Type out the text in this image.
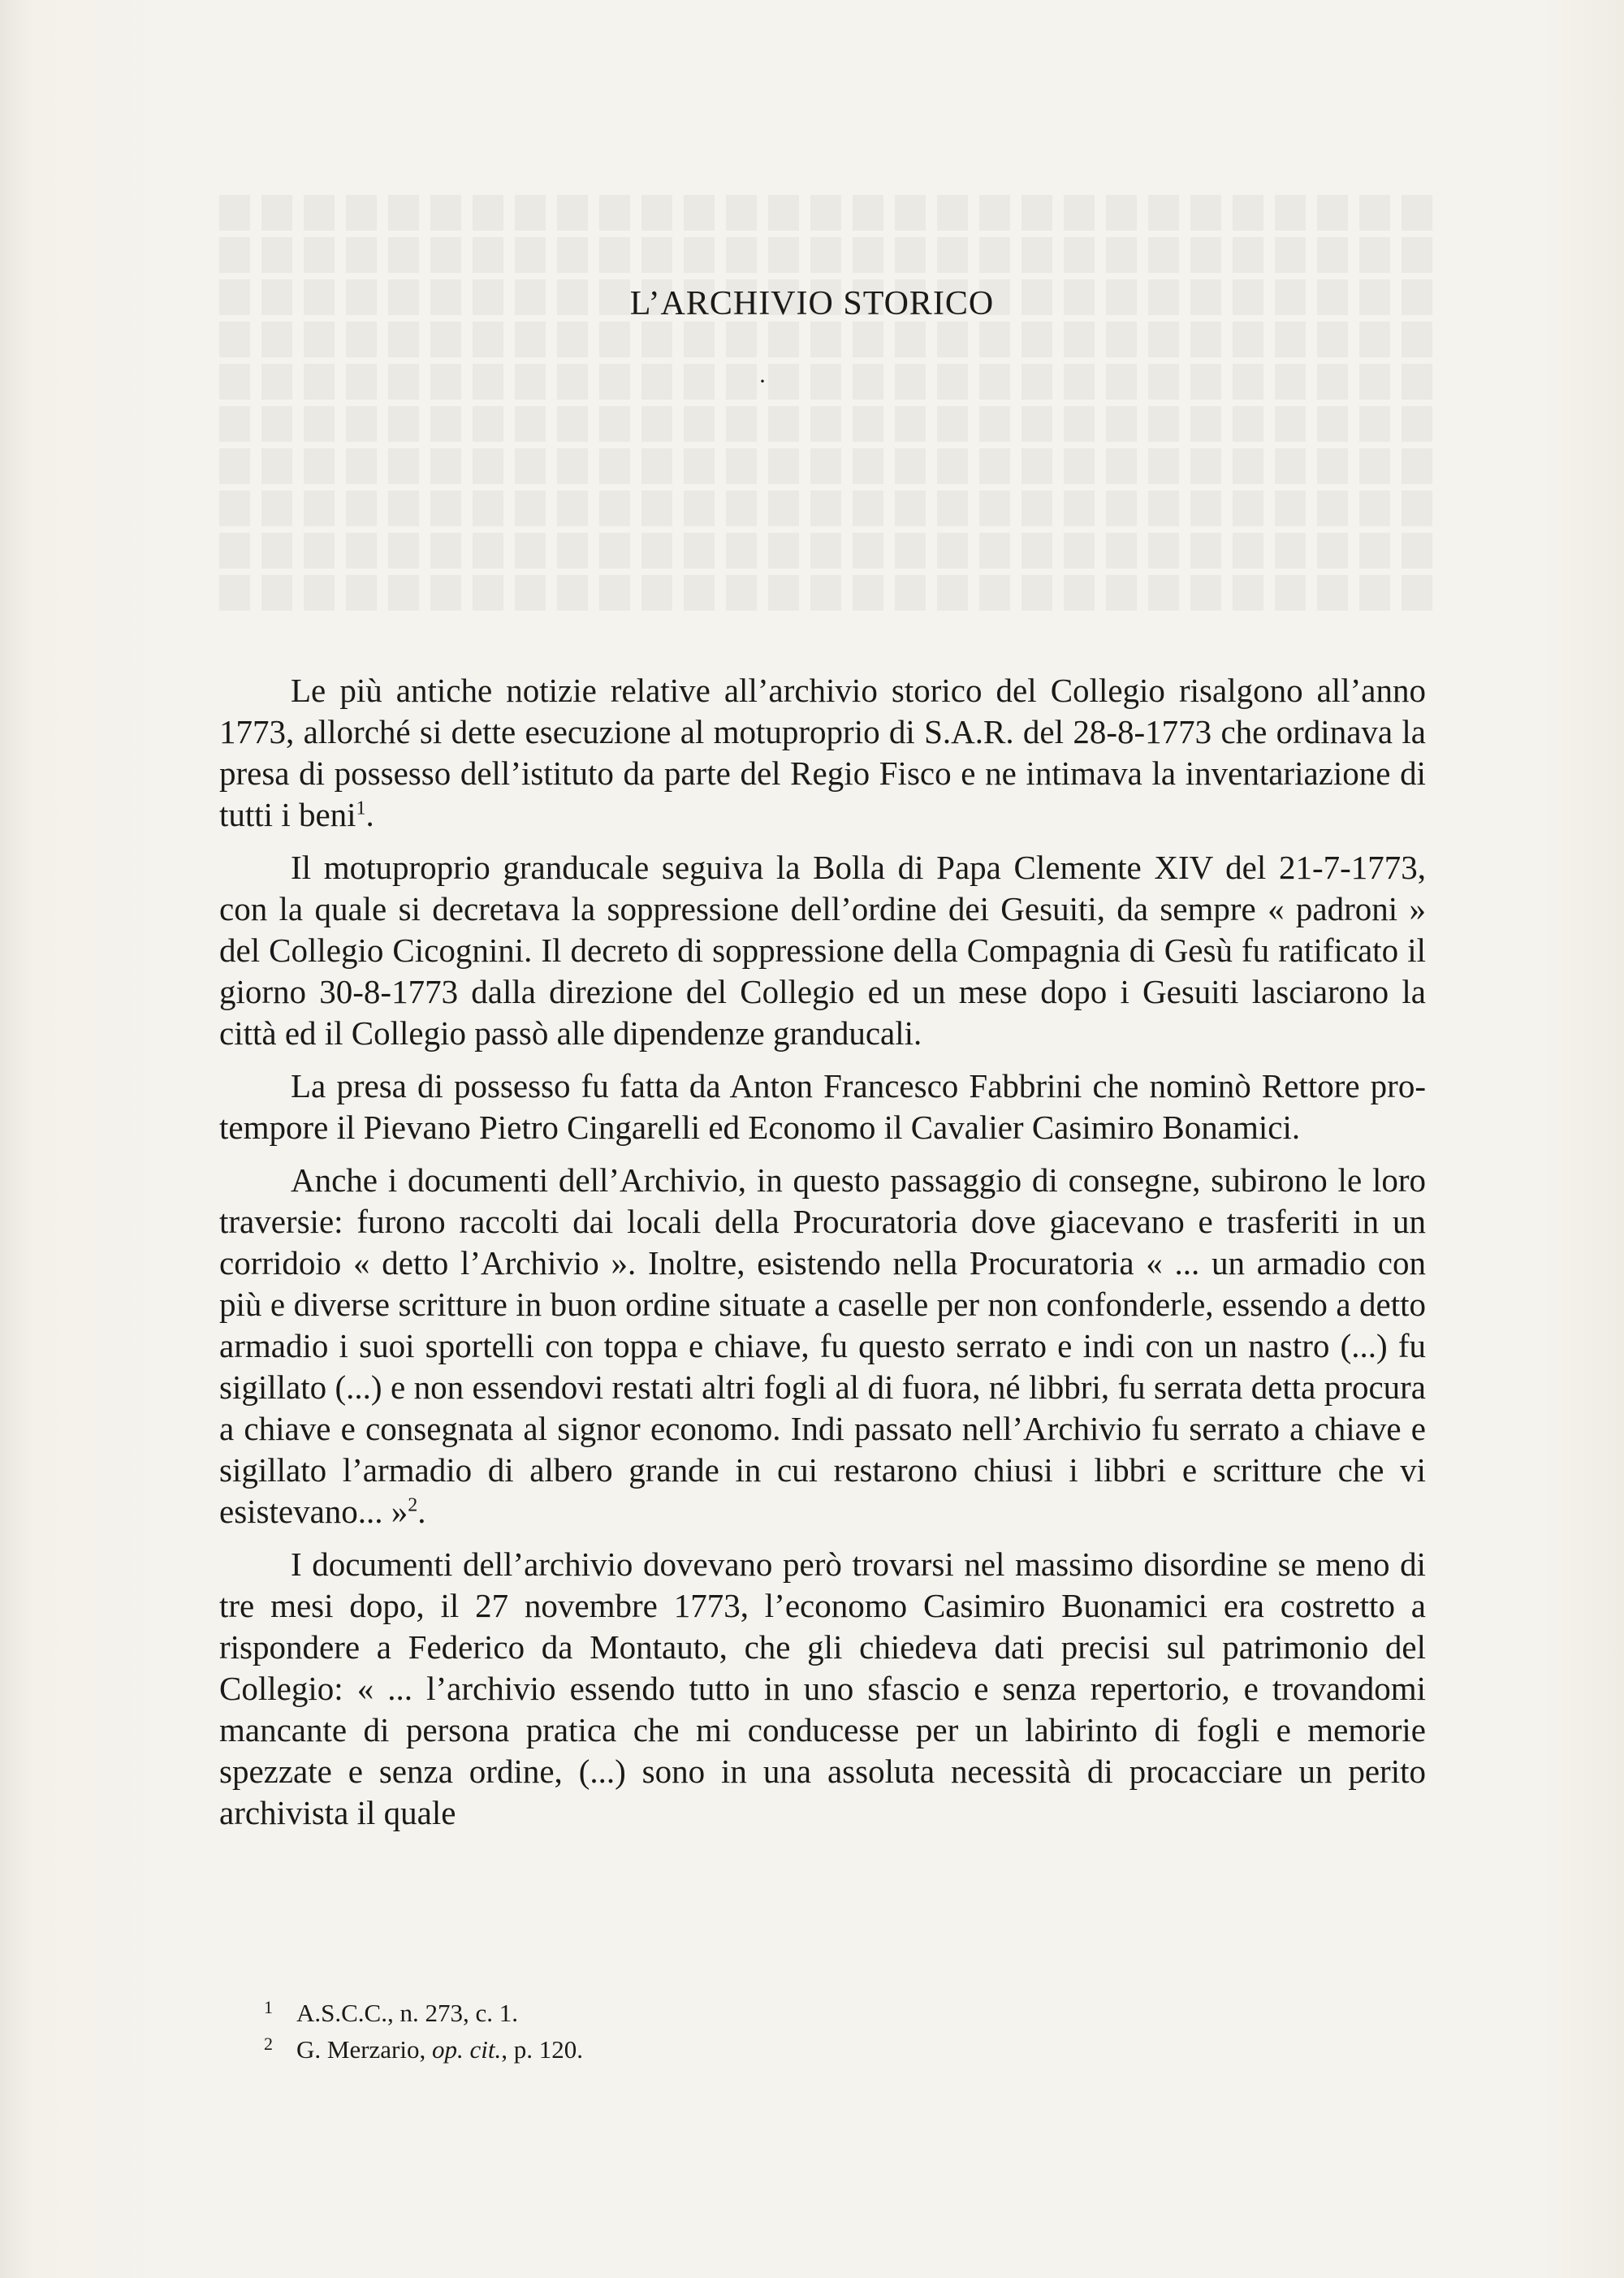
L’ARCHIVIO STORICO
·

Le più antiche notizie relative all’archivio storico del Collegio risalgono all’anno 1773, allorché si dette esecuzione al motuproprio di S.A.R. del 28-8-1773 che ordinava la presa di possesso dell’istituto da parte del Regio Fisco e ne intimava la inventariazione di tutti i beni$^1$.

Il motuproprio granducale seguiva la Bolla di Papa Clemente XIV del 21-7-1773, con la quale si decretava la soppressione dell’ordine dei Gesuiti, da sempre « padroni » del Collegio Cicognini. Il decreto di soppressione della Compagnia di Gesù fu ratificato il giorno 30-8-1773 dalla direzione del Collegio ed un mese dopo i Gesuiti lasciarono la città ed il Collegio passò alle dipendenze granducali.

La presa di possesso fu fatta da Anton Francesco Fabbrini che nominò Rettore pro-tempore il Pievano Pietro Cingarelli ed Economo il Cavalier Casimiro Bonamici.

Anche i documenti dell’Archivio, in questo passaggio di consegne, subirono le loro traversie: furono raccolti dai locali della Procuratoria dove giacevano e trasferiti in un corridoio « detto l’Archivio ». Inoltre, esistendo nella Procuratoria « ... un armadio con più e diverse scritture in buon ordine situate a caselle per non confonderle, essendo a detto armadio i suoi sportelli con toppa e chiave, fu questo serrato e indi con un nastro (...) fu sigillato (...) e non essendovi restati altri fogli al di fuora, né libbri, fu serrata detta procura a chiave e consegnata al signor economo. Indi passato nell’Archivio fu serrato a chiave e sigillato l’armadio di albero grande in cui restarono chiusi i libbri e scritture che vi esistevano... »$^2$.

I documenti dell’archivio dovevano però trovarsi nel massimo disordine se meno di tre mesi dopo, il 27 novembre 1773, l’economo Casimiro Buonamici era costretto a rispondere a Federico da Montauto, che gli chiedeva dati precisi sul patrimonio del Collegio: « ... l’archivio essendo tutto in uno sfascio e senza repertorio, e trovandomi mancante di persona pratica che mi conducesse per un labirinto di fogli e memorie spezzate e senza ordine, (...) sono in una assoluta necessità di procacciare un perito archivista il quale

1 A.S.C.C., n. 273, c. 1.
2 G. Merzario, op. cit., p. 120.
